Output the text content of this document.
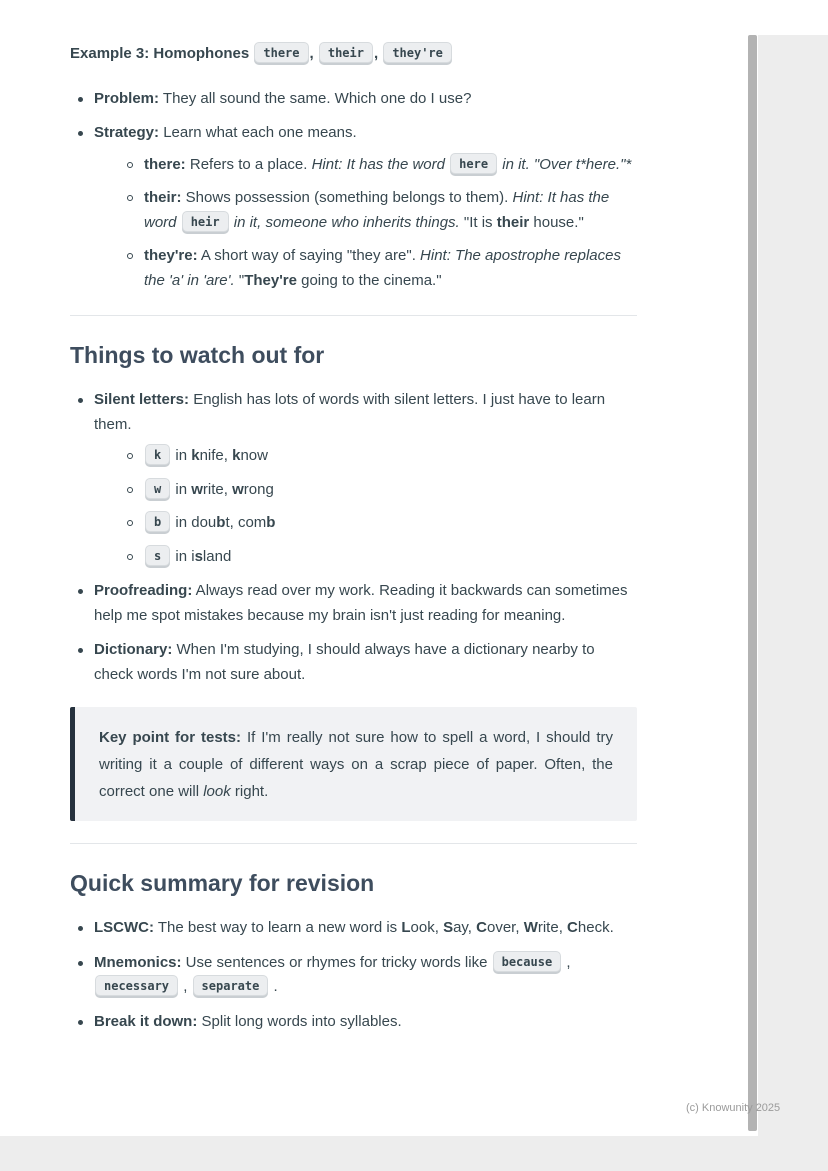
Example 3: Homophones there , their , they're

Problem: They all sound the same. Which one do I use?
Strategy: Learn what each one means.
there: Refers to a place. Hint: It has the word here in it. "Over t*here."*
their: Shows possession (something belongs to them). Hint: It has the word heir in it, someone who inherits things. "It is their house."
they're: A short way of saying "they are". Hint: The apostrophe replaces the 'a' in 'are'. "They're going to the cinema."
Things to watch out for
Silent letters: English has lots of words with silent letters. I just have to learn them.
k in knife, know
w in write, wrong
b in doubt, comb
s in island
Proofreading: Always read over my work. Reading it backwards can sometimes help me spot mistakes because my brain isn't just reading for meaning.
Dictionary: When I'm studying, I should always have a dictionary nearby to check words I'm not sure about.
Key point for tests: If I'm really not sure how to spell a word, I should try writing it a couple of different ways on a scrap piece of paper. Often, the correct one will look right.
Quick summary for revision
LSCWC: The best way to learn a new word is Look, Say, Cover, Write, Check.
Mnemonics: Use sentences or rhymes for tricky words like because , necessary , separate .
Break it down: Split long words into syllables.
(c) Knowunity 2025
